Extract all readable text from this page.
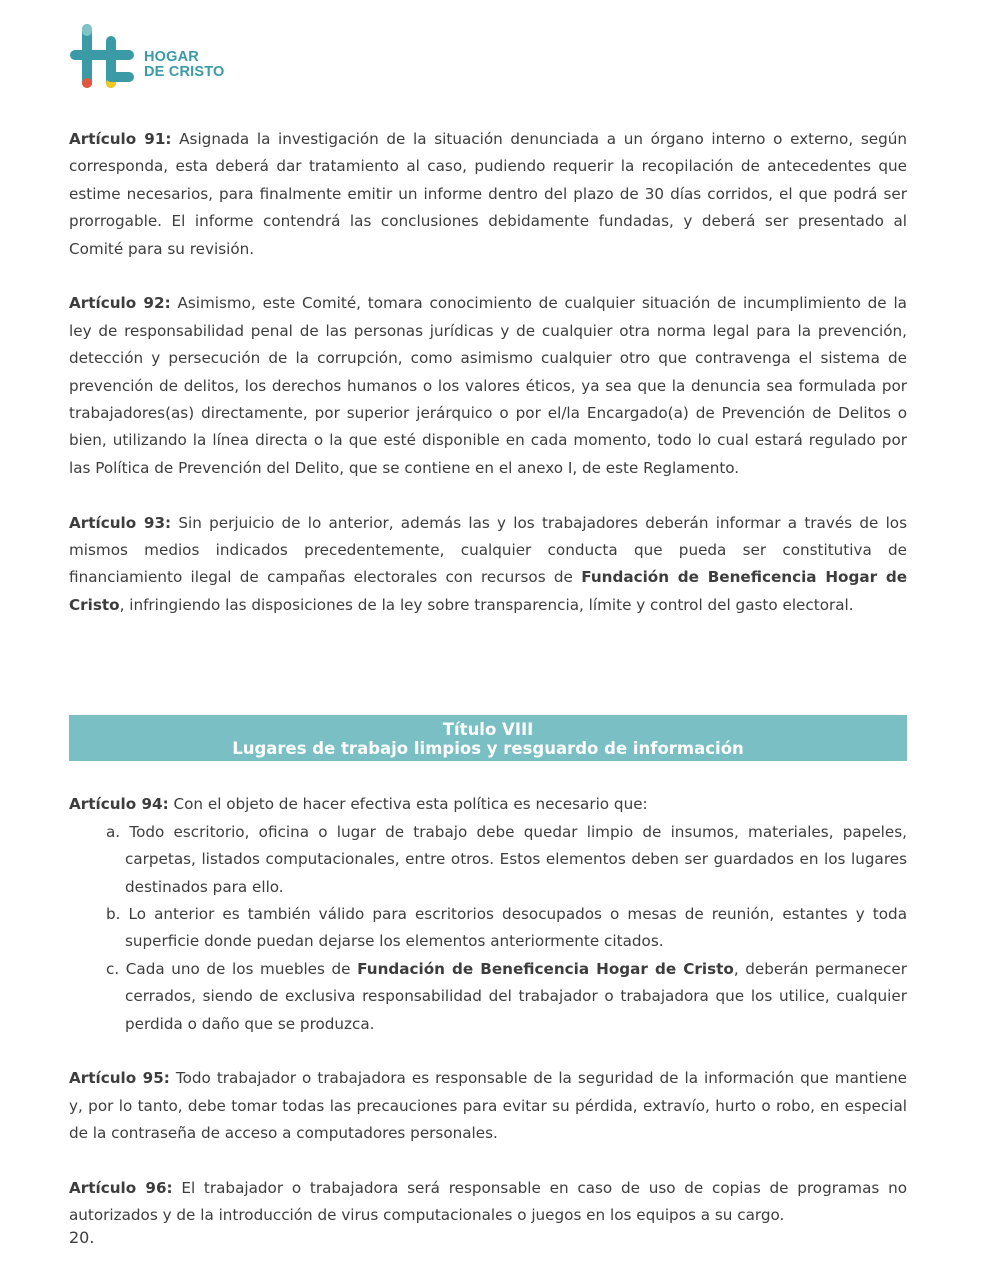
HOGAR
DE CRISTO

Artículo 91: Asignada la investigación de la situación denunciada a un órgano interno o externo, según corresponda, esta deberá dar tratamiento al caso, pudiendo requerir la recopilación de antecedentes que estime necesarios, para finalmente emitir un informe dentro del plazo de 30 días corridos, el que podrá ser prorrogable. El informe contendrá las conclusiones debidamente fundadas, y deberá ser presentado al Comité para su revisión.

Artículo 92: Asimismo, este Comité, tomara conocimiento de cualquier situación de incumplimiento de la ley de responsabilidad penal de las personas jurídicas y de cualquier otra norma legal para la prevención, detección y persecución de la corrupción, como asimismo cualquier otro que contravenga el sistema de prevención de delitos, los derechos humanos o los valores éticos, ya sea que la denuncia sea formulada por trabajadores(as) directamente, por superior jerárquico o por el/la Encargado(a) de Prevención de Delitos o bien, utilizando la línea directa o la que esté disponible en cada momento, todo lo cual estará regulado por las Política de Prevención del Delito, que se contiene en el anexo I, de este Reglamento.

Artículo 93: Sin perjuicio de lo anterior, además las y los trabajadores deberán informar a través de los mismos medios indicados precedentemente, cualquier conducta que pueda ser constitutiva de financiamiento ilegal de campañas electorales con recursos de Fundación de Beneficencia Hogar de Cristo, infringiendo las disposiciones de la ley sobre transparencia, límite y control del gasto electoral.

Título VIII
Lugares de trabajo limpios y resguardo de información

Artículo 94: Con el objeto de hacer efectiva esta política es necesario que:

a. Todo escritorio, oficina o lugar de trabajo debe quedar limpio de insumos, materiales, papeles, carpetas, listados computacionales, entre otros. Estos elementos deben ser guardados en los lugares destinados para ello.
b. Lo anterior es también válido para escritorios desocupados o mesas de reunión, estantes y toda superficie donde puedan dejarse los elementos anteriormente citados.
c. Cada uno de los muebles de Fundación de Beneficencia Hogar de Cristo, deberán permanecer cerrados, siendo de exclusiva responsabilidad del trabajador o trabajadora que los utilice, cualquier perdida o daño que se produzca.

Artículo 95: Todo trabajador o trabajadora es responsable de la seguridad de la información que mantiene y, por lo tanto, debe tomar todas las precauciones para evitar su pérdida, extravío, hurto o robo, en especial de la contraseña de acceso a computadores personales.

Artículo 96: El trabajador o trabajadora será responsable en caso de uso de copias de programas no autorizados y de la introducción de virus computacionales o juegos en los equipos a su cargo.

20.
